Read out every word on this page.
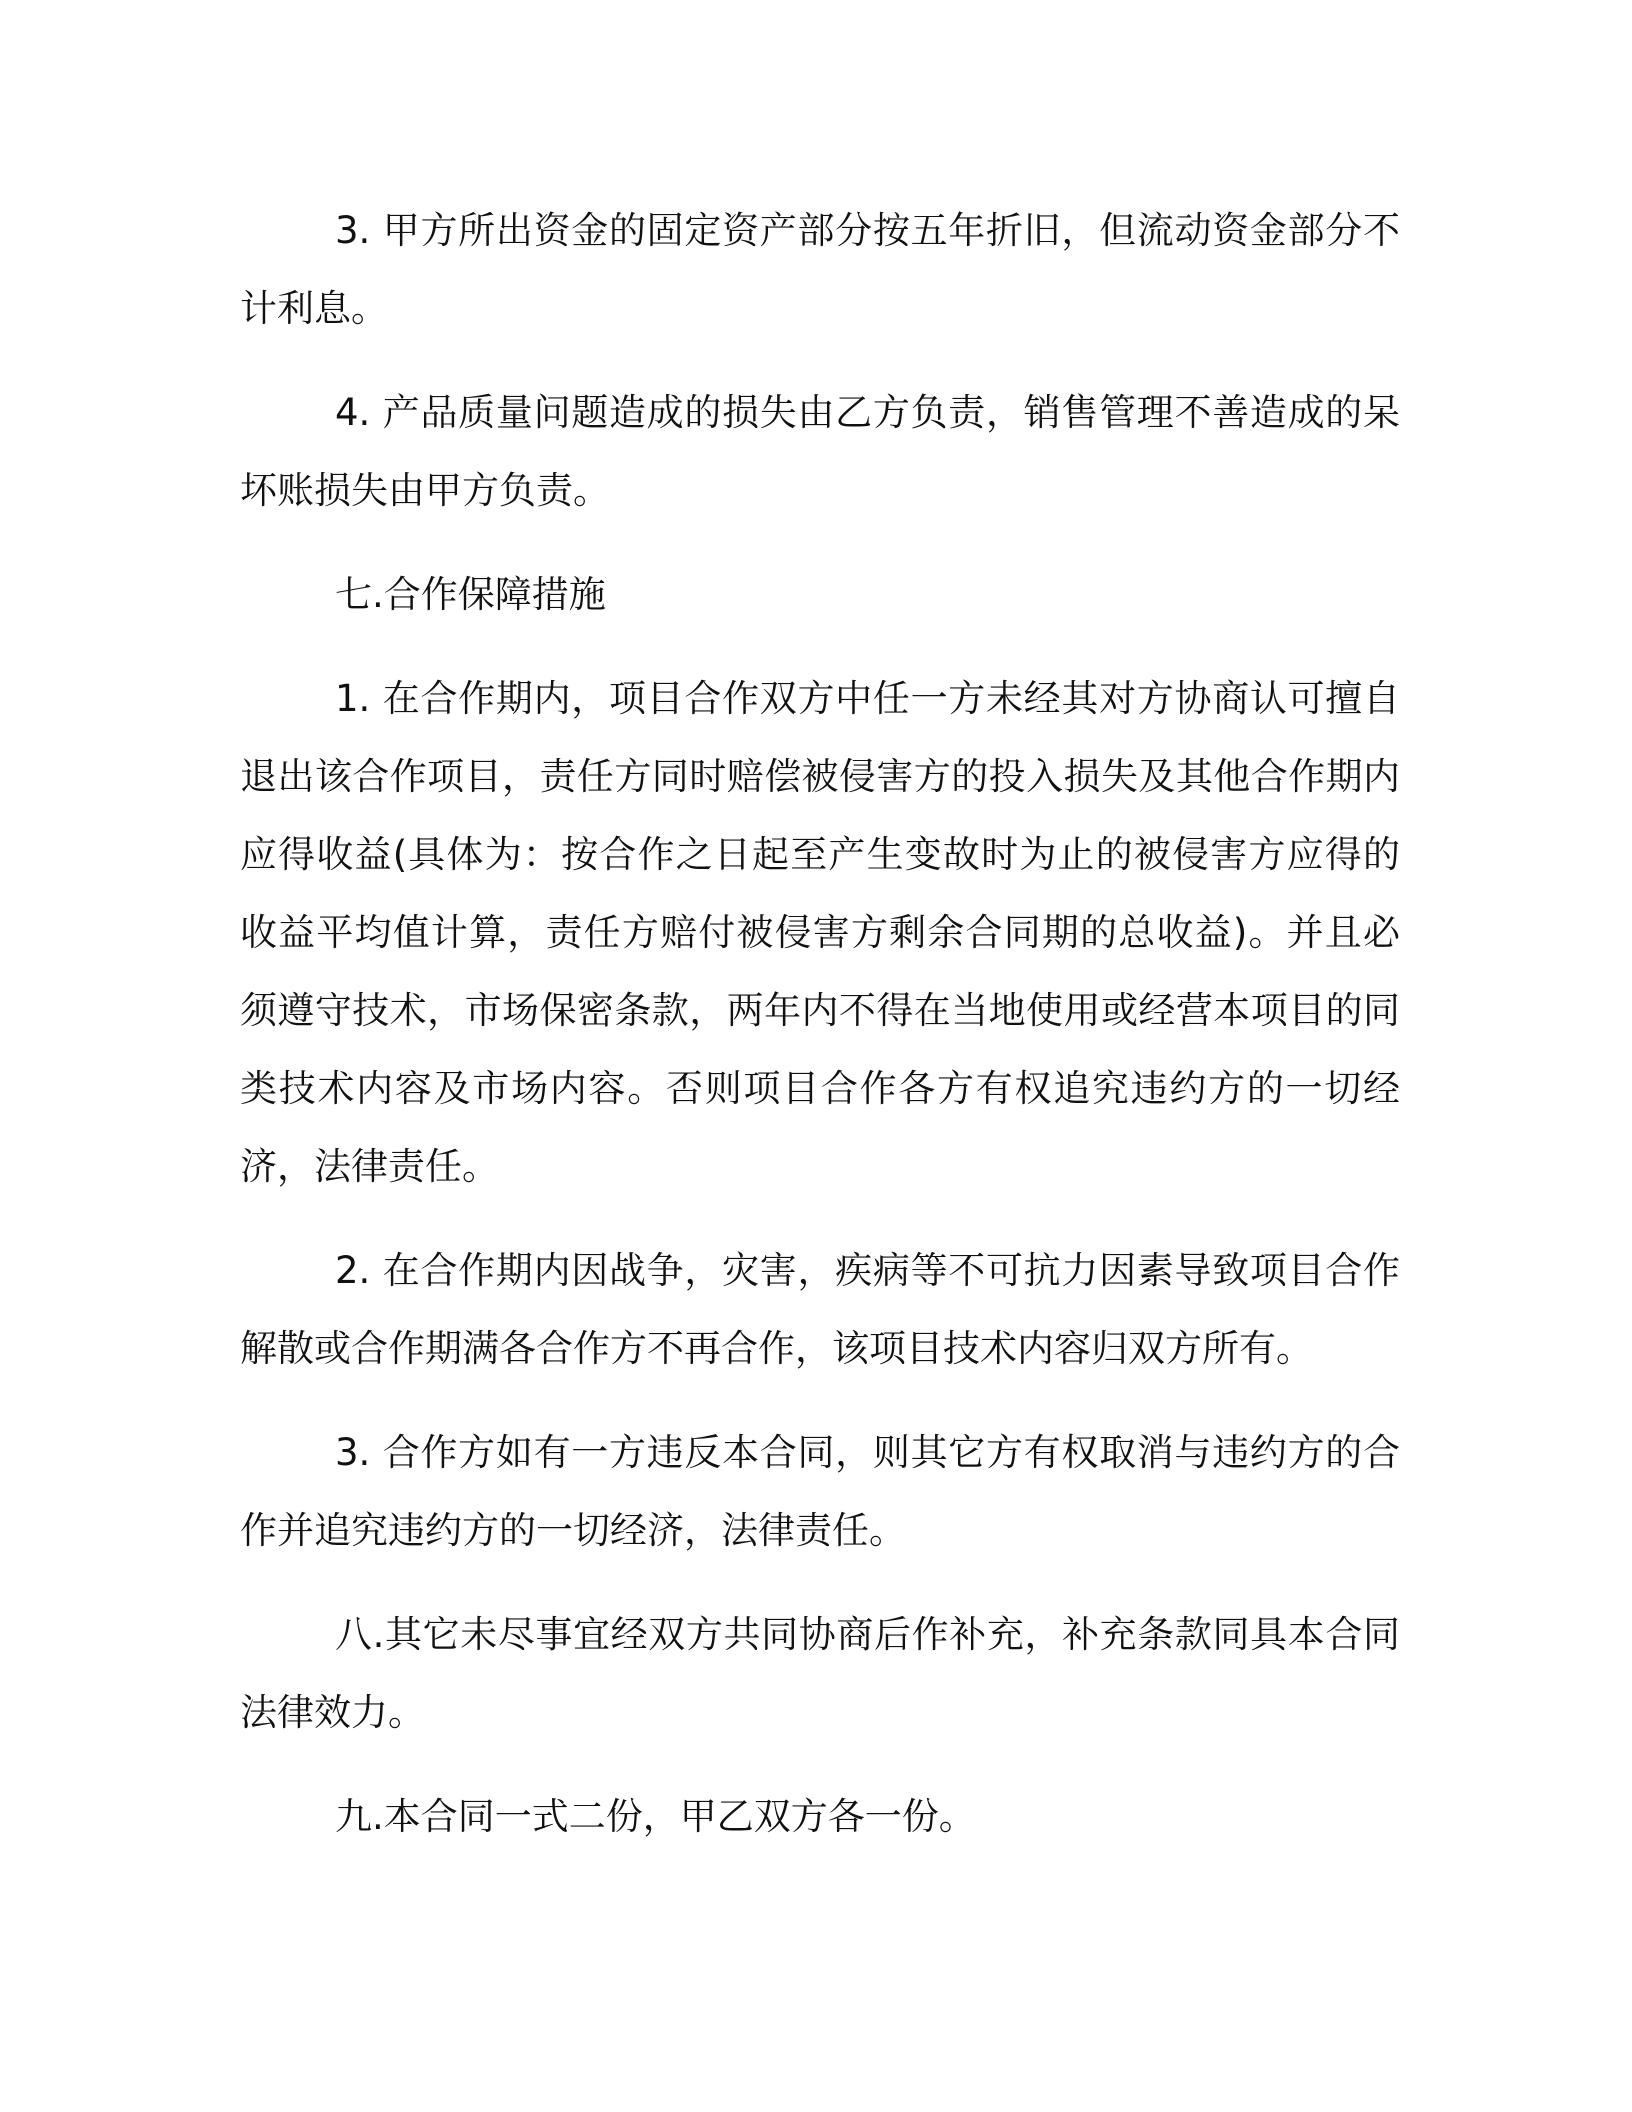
3. 甲方所出资金的固定资产部分按五年折旧，但流动资金部分不计利息。

4. 产品质量问题造成的损失由乙方负责，销售管理不善造成的呆坏账损失由甲方负责。

七.合作保障措施

1. 在合作期内，项目合作双方中任一方未经其对方协商认可擅自退出该合作项目，责任方同时赔偿被侵害方的投入损失及其他合作期内应得收益(具体为：按合作之日起至产生变故时为止的被侵害方应得的收益平均值计算，责任方赔付被侵害方剩余合同期的总收益)。并且必须遵守技术，市场保密条款，两年内不得在当地使用或经营本项目的同类技术内容及市场内容。否则项目合作各方有权追究违约方的一切经济，法律责任。

2. 在合作期内因战争，灾害，疾病等不可抗力因素导致项目合作解散或合作期满各合作方不再合作，该项目技术内容归双方所有。

3. 合作方如有一方违反本合同，则其它方有权取消与违约方的合作并追究违约方的一切经济，法律责任。

八.其它未尽事宜经双方共同协商后作补充，补充条款同具本合同法律效力。

九.本合同一式二份，甲乙双方各一份。
